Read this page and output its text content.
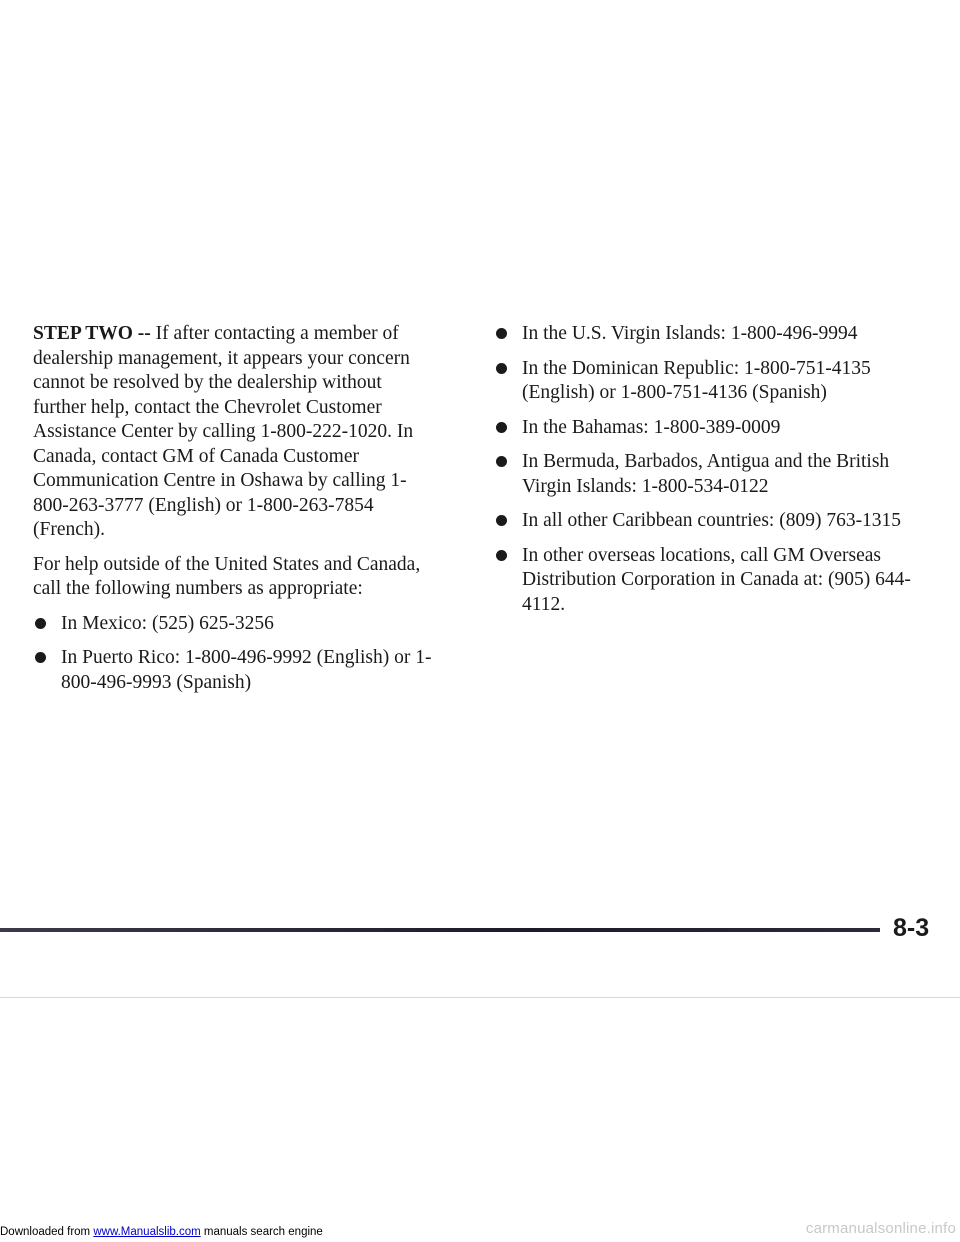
STEP TWO -- If after contacting a member of dealership management, it appears your concern cannot be resolved by the dealership without further help, contact the Chevrolet Customer Assistance Center by calling 1-800-222-1020. In Canada, contact GM of Canada Customer Communication Centre in Oshawa by calling 1-800-263-3777 (English) or 1-800-263-7854 (French).

For help outside of the United States and Canada, call the following numbers as appropriate:

In Mexico: (525) 625-3256
In Puerto Rico: 1-800-496-9992 (English) or 1-800-496-9993 (Spanish)
In the U.S. Virgin Islands: 1-800-496-9994
In the Dominican Republic: 1-800-751-4135 (English) or 1-800-751-4136 (Spanish)
In the Bahamas: 1-800-389-0009
In Bermuda, Barbados, Antigua and the British Virgin Islands: 1-800-534-0122
In all other Caribbean countries: (809) 763-1315
In other overseas locations, call GM Overseas Distribution Corporation in Canada at: (905) 644-4112.
8-3
Downloaded from www.Manualslib.com manuals search engine	carmanualsonline.info
